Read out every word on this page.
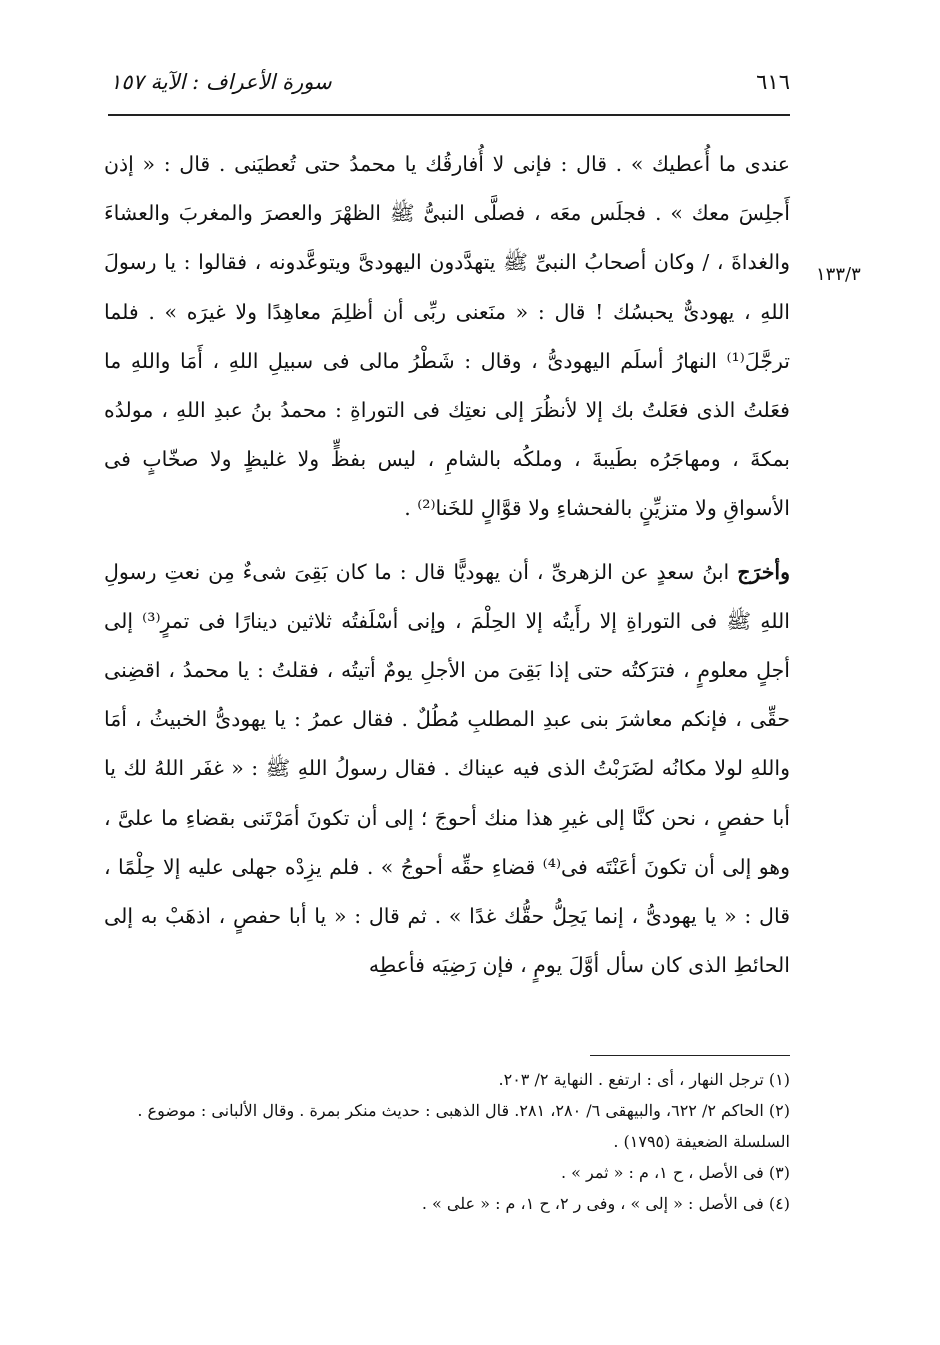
٦١٦
سورة الأعراف : الآية ١٥٧
١٣٣/٣

عندى ما أُعطيك » . قال : فإنى لا أُفارقُك يا محمدُ حتى تُعطيَنى . قال : « إذن أَجلِسَ معك » . فجلَس معَه ، فصلَّى النبىُّ ﷺ الظهْرَ والعصرَ والمغربَ والعشاءَ والغداةَ ، / وكان أصحابُ النبىِّ ﷺ يتهدَّدون اليهودىَّ ويتوعَّدونه ، فقالوا : يا رسولَ اللهِ ، يهودىٌّ يحبسُك ! قال : « منَعنى ربِّى أن أظلِمَ معاهِدًا ولا غيرَه » . فلما ترجَّلَ⁽¹⁾ النهارُ أسلَم اليهودىُّ ، وقال : شَطْرُ مالى فى سبيلِ اللهِ ، أَمَا واللهِ ما فعَلتُ الذى فعَلتُ بك إلا لأنظُرَ إلى نعتِك فى التوراةِ : محمدُ بنُ عبدِ اللهِ ، مولدُه بمكةَ ، ومهاجَرُه بطَيبةَ ، وملكُه بالشامِ ، ليس بفظٍّ ولا غليظٍ ولا صخّابٍ فى الأسواقِ ولا متزيِّنٍ بالفحشاءِ ولا قوَّالٍ للخَنا⁽²⁾ .

وأخرَج ابنُ سعدٍ عن الزهرىِّ ، أن يهوديًّا قال : ما كان بَقِىَ شىءٌ مِن نعتِ رسولِ اللهِ ﷺ فى التوراةِ إلا رأَيتُه إلا الحِلْمَ ، وإنى أسْلَفتُه ثلاثين دينارًا فى تمرٍ⁽³⁾ إلى أجلٍ معلومٍ ، فترَكتُه حتى إذا بَقِىَ من الأجلِ يومٌ أتيتُه ، فقلتُ : يا محمدُ ، اقضِنى حقِّى ، فإنكم معاشرَ بنى عبدِ المطلبِ مُطُلٌ . فقال عمرُ : يا يهودىُّ الخبيثُ ، أمَا واللهِ لولا مكانُه لضَرَبْتُ الذى فيه عيناك . فقال رسولُ اللهِ ﷺ : « غفَر اللهُ لك يا أبا حفصٍ ، نحن كنَّا إلى غيرِ هذا منك أحوجَ ؛ إلى أن تكونَ أمَرْتَنى بقضاءِ ما علىَّ ، وهو إلى أن تكونَ أعَنْتَه فى⁽⁴⁾ قضاءِ حقِّه أحوجُ » . فلم يزِدْه جهلى عليه إلا حِلْمًا ، قال : « يا يهودىُّ ، إنما يَحِلُّ حقُّك غدًا » . ثم قال : « يا أبا حفصٍ ، اذهَبْ به إلى الحائطِ الذى كان سأل أوَّلَ يومٍ ، فإن رَضِيَه فأعطِه

(١) ترجل النهار ، أى : ارتفع . النهاية ٢/ ٢٠٣.

(٢) الحاكم ٢/ ٦٢٢، والبيهقى ٦/ ٢٨٠، ٢٨١. قال الذهبى : حديث منكر بمرة . وقال الألبانى : موضوع . السلسلة الضعيفة (١٧٩٥) .

(٣) فى الأصل ، ح ١، م : « ثمر » .

(٤) فى الأصل : « إلى » ، وفى ر ٢، ح ١، م : « على » .
